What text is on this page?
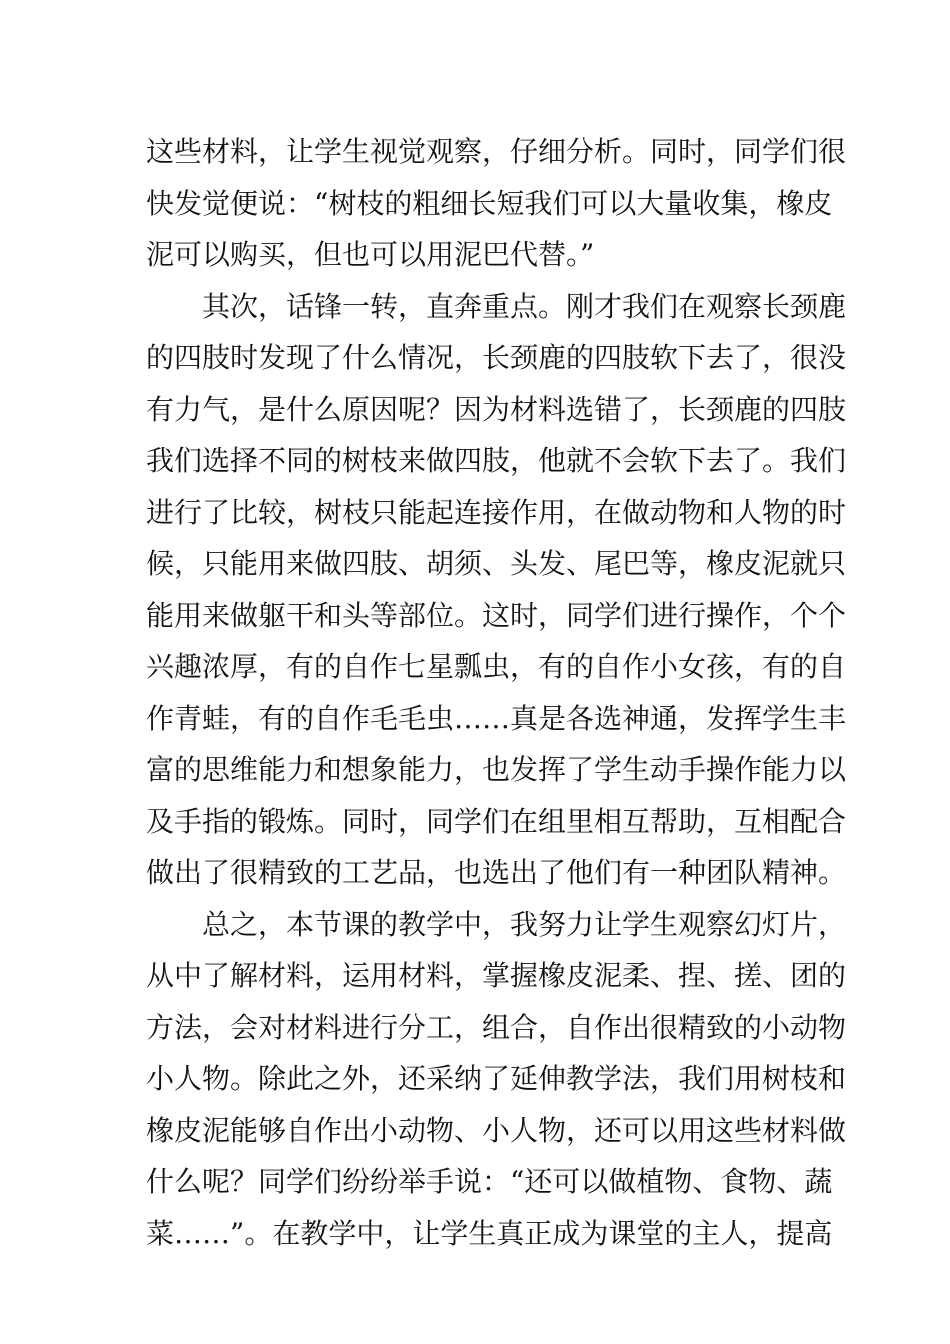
这些材料，让学生视觉观察，仔细分析。同时，同学们很
快发觉便说：“树枝的粗细长短我们可以大量收集，橡皮
泥可以购买，但也可以用泥巴代替。”
其次，话锋一转，直奔重点。刚才我们在观察长颈鹿
的四肢时发现了什么情况，长颈鹿的四肢软下去了，很没
有力气，是什么原因呢？因为材料选错了，长颈鹿的四肢
我们选择不同的树枝来做四肢，他就不会软下去了。我们
进行了比较，树枝只能起连接作用，在做动物和人物的时
候，只能用来做四肢、胡须、头发、尾巴等，橡皮泥就只
能用来做躯干和头等部位。这时，同学们进行操作，个个
兴趣浓厚，有的自作七星瓢虫，有的自作小女孩，有的自
作青蛙，有的自作毛毛虫……真是各选神通，发挥学生丰
富的思维能力和想象能力，也发挥了学生动手操作能力以
及手指的锻炼。同时，同学们在组里相互帮助，互相配合
做出了很精致的工艺品，也选出了他们有一种团队精神。
总之，本节课的教学中，我努力让学生观察幻灯片，
从中了解材料，运用材料，掌握橡皮泥柔、捏、搓、团的
方法，会对材料进行分工，组合，自作出很精致的小动物
小人物。除此之外，还采纳了延伸教学法，我们用树枝和
橡皮泥能够自作出小动物、小人物，还可以用这些材料做
什么呢？同学们纷纷举手说：“还可以做植物、食物、蔬
菜……”。在教学中，让学生真正成为课堂的主人，提高
